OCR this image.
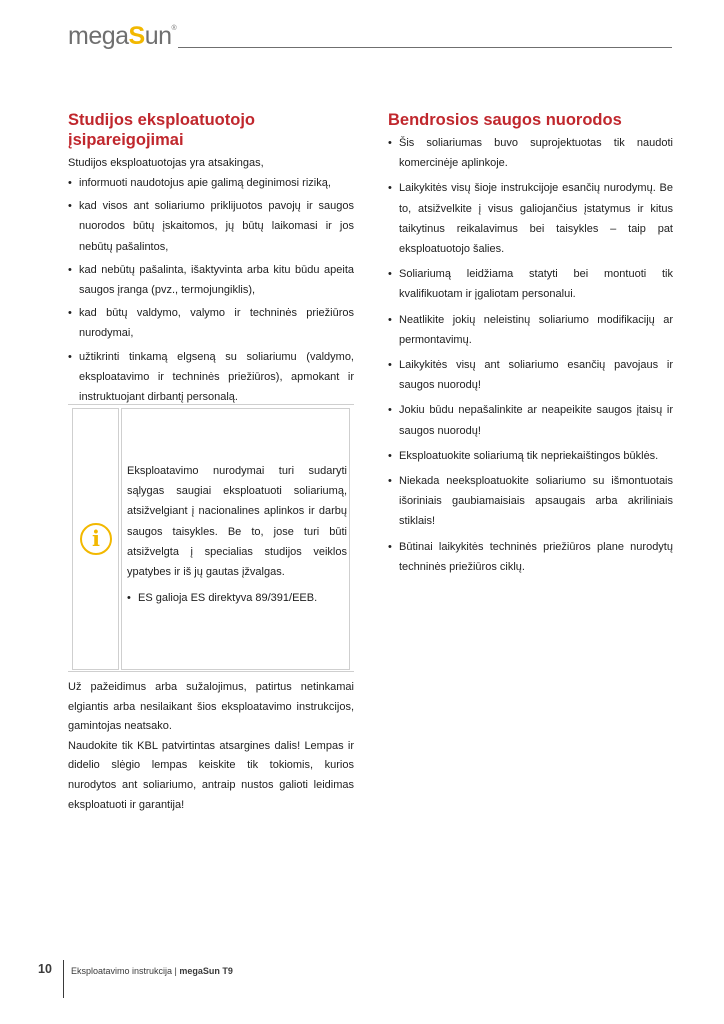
megaSun®
Studijos eksploatuotojo įsipareigojimai

Studijos eksploatuotojas yra atsakingas,

• informuoti naudotojus apie galimą deginimosi riziką,
• kad visos ant soliariumo priklijuotos pavojų ir saugos nuorodos būtų įskaitomos, jų būtų laikomasi ir jos nebūtų pašalintos,
• kad nebūtų pašalinta, išaktyvinta arba kitu būdu apeita saugos įranga (pvz., termojungiklis),
• kad būtų valdymo, valymo ir techninės priežiūros nurodymai,
• užtikrinti tinkamą elgseną su soliariumu (valdymo, eksploatavimo ir techninės priežiūros), apmokant ir instruktuojant dirbantį personalą.
i

Eksploatavimo nurodymai turi sudaryti sąlygas saugiai eksploatuoti soliariumą, atsižvelgiant į nacionalines aplinkos ir darbų saugos taisykles. Be to, jose turi būti atsižvelgta į specialias studijos veiklos ypatybes ir iš jų gautas įžvalgas.

• ES galioja ES direktyva 89/391/EEB.

Už pažeidimus arba sužalojimus, patirtus netinkamai elgiantis arba nesilaikant šios eksploatavimo instrukcijos, gamintojas neatsako.

Naudokite tik KBL patvirtintas atsargines dalis! Lempas ir didelio slėgio lempas keiskite tik tokiomis, kurios nurodytos ant soliariumo, antraip nustos galioti leidimas eksploatuoti ir garantija!

Bendrosios saugos nuorodos
• Šis soliariumas buvo suprojektuotas tik naudoti komercinėje aplinkoje.
• Laikykitės visų šioje instrukcijoje esančių nurodymų. Be to, atsižvelkite į visus galiojančius įstatymus ir kitus taikytinus reikalavimus bei taisykles – taip pat eksploatuotojo šalies.
• Soliariumą leidžiama statyti bei montuoti tik kvalifikuotam ir įgaliotam personalui.
• Neatlikite jokių neleistinų soliariumo modifikacijų ar permontavimų.
• Laikykitės visų ant soliariumo esančių pavojaus ir saugos nuorodų!
• Jokiu būdu nepašalinkite ar neapeikite saugos įtaisų ir saugos nuorodų!
• Eksploatuokite soliariumą tik nepriekaištingos būklės.
• Niekada neeksploatuokite soliariumo su išmontuotais išoriniais gaubiamaisiais apsaugais arba akriliniais stiklais!
• Būtinai laikykitės techninės priežiūros plane nurodytų techninės priežiūros ciklų.
10 Eksploatavimo instrukcija | megaSun T9
